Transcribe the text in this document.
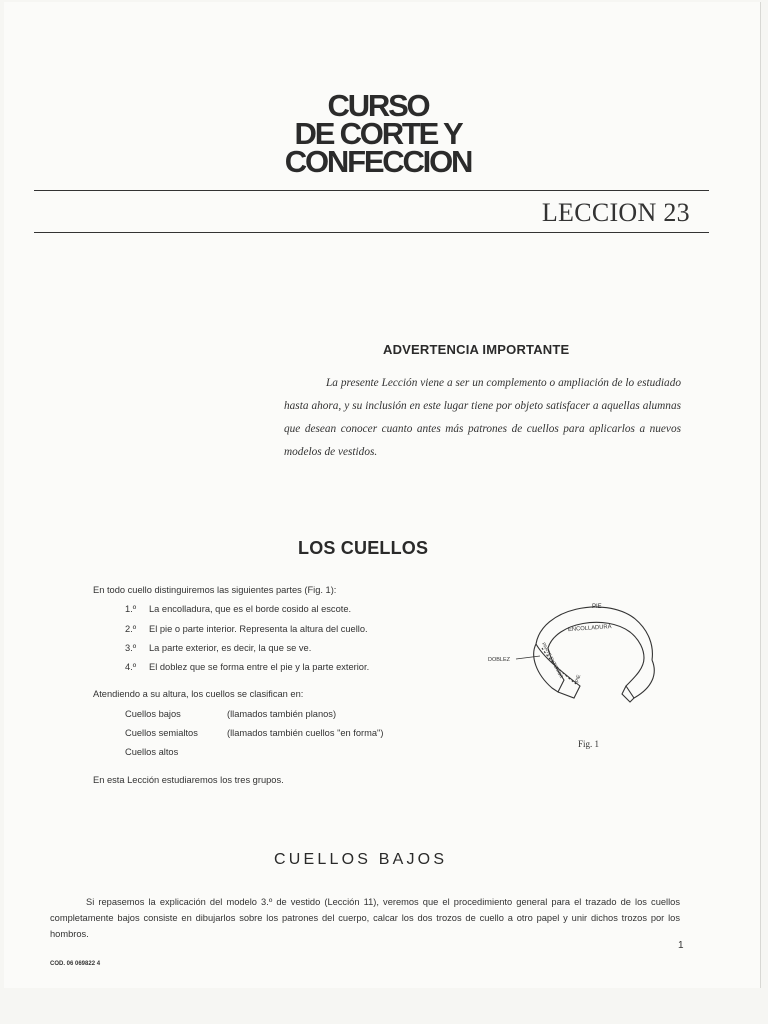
CURSO
DE CORTE Y
CONFECCION
LECCION 23
ADVERTENCIA IMPORTANTE
La presente Lección viene a ser un complemento o ampliación de lo estudiado hasta ahora, y su inclusión en este lugar tiene por objeto satisfacer a aquellas alumnas que desean conocer cuanto antes más patrones de cuellos para aplicarlos a nuevos modelos de vestidos.
LOS CUELLOS
En todo cuello distinguiremos las siguientes partes (Fig. 1):
1.º La encolladura, que es el borde cosido al escote.
2.º El pie o parte interior. Representa la altura del cuello.
3.º La parte exterior, es decir, la que se ve.
4.º El doblez que se forma entre el pie y la parte exterior.
Atendiendo a su altura, los cuellos se clasifican en:
Cuellos bajos	(llamados también planos)
Cuellos semialtos	(llamados también cuellos "en forma")
Cuellos altos
En esta Lección estudiaremos los tres grupos.
DOBLEZ
PIE
ENCOLLADURA
PARTE EXTERIOR PIE
Fig. 1
CUELLOS BAJOS
Si repasemos la explicación del modelo 3.º de vestido (Lección 11), veremos que el procedimiento general para el trazado de los cuellos completamente bajos consiste en dibujarlos sobre los patrones del cuerpo, calcar los dos trozos de cuello a otro papel y unir dichos trozos por los hombros.
1
COD. 06 069822 4
